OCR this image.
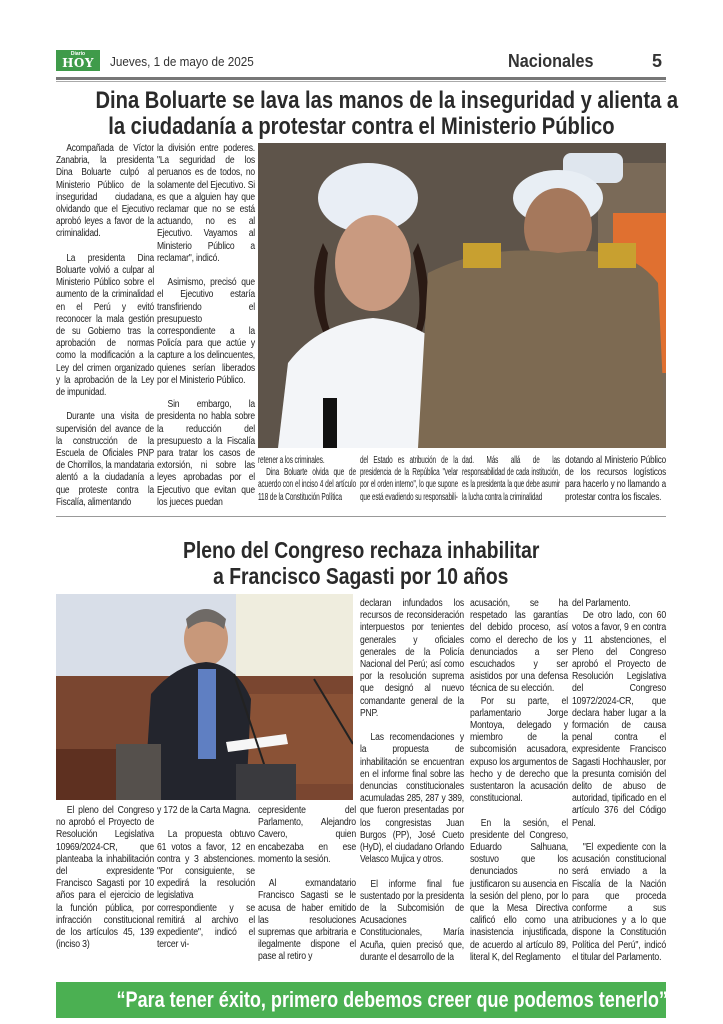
Diario
HOY	Jueves, 1 de mayo de 2025	Nacionales	5
Dina Boluarte se lava las manos de la inseguridad y alienta a
la ciudadanía a protestar contra el Ministerio Público

Acompañada de Víctor Zanabria, la presidenta Dina Boluarte culpó al Ministerio Público de la inseguridad ciudadana, olvidando que el Ejecutivo aprobó leyes a favor de la criminalidad.

La presidenta Dina Boluarte volvió a culpar al Ministerio Público sobre el aumento de la criminalidad en el Perú y evitó reconocer la mala gestión de su Gobierno tras la aprobación de normas como la modificación a la Ley del crimen organizado y la aprobación de la Ley de impunidad.

Durante una visita de supervisión del avance de la construcción de la Escuela de Oficiales PNP de Chorrillos, la mandataria alentó a la ciudadanía a que proteste contra la Fiscalía, alimentando

la división entre poderes. "La seguridad de los peruanos es de todos, no solamente del Ejecutivo. Si es que a alguien hay que reclamar que no se está actuando, no es al Ejecutivo. Vayamos al Ministerio Público a reclamar", indicó.

Asimismo, precisó que el Ejecutivo estaría transfiriendo el presupuesto correspondiente a la Policía para que actúe y capture a los delincuentes, quienes serían liberados por el Ministerio Público.

Sin embargo, la presidenta no habla sobre la reducción del presupuesto a la Fiscalía para tratar los casos de extorsión, ni sobre las leyes aprobadas por el Ejecutivo que evitan que los jueces puedan

retener a los criminales.

Dina Boluarte olvida que de acuerdo con el inciso 4 del artículo 118 de la Constitución Política

del Estado es atribución de la presidencia de la República "velar por el orden interno", lo que supone que está evadiendo su responsabili-

dad. Más allá de las responsabilidad de cada institución, es la presidenta la que debe asumir la lucha contra la criminalidad

dotando al Ministerio Público de los recursos logísticos para hacerlo y no llamando a protestar contra los fiscales.

Pleno del Congreso rechaza inhabilitar
a Francisco Sagasti por 10 años

El pleno del Congreso no aprobó el Proyecto de Resolución Legislativa 10969/2024-CR, que planteaba la inhabilitación del expresidente Francisco Sagasti por 10 años para el ejercicio de la función pública, por infracción constitucional de los artículos 45, 139 (inciso 3)

y 172 de la Carta Magna.

La propuesta obtuvo 61 votos a favor, 12 en contra y 3 abstenciones. "Por consiguiente, se expedirá la resolución legislativa correspondiente y se remitirá al archivo el expediente", indicó el tercer vi-

cepresidente del Parlamento, Alejandro Cavero, quien encabezaba en ese momento la sesión.

Al exmandatario Francisco Sagasti se le acusa de haber emitido las resoluciones supremas que arbitraria e ilegalmente dispone el pase al retiro y

declaran infundados los recursos de reconsideración interpuestos por tenientes generales y oficiales generales de la Policía Nacional del Perú; así como por la resolución suprema que designó al nuevo comandante general de la PNP.

Las recomendaciones y la propuesta de inhabilitación se encuentran en el informe final sobre las denuncias constitucionales acumuladas 285, 287 y 389, que fueron presentadas por los congresistas Juan Burgos (PP), José Cueto (HyD), el ciudadano Orlando Velasco Mujica y otros.

El informe final fue sustentado por la presidenta de la Subcomisión de Acusaciones Constitucionales, María Acuña, quien precisó que, durante el desarrollo de la

acusación, se ha respetado las garantías del debido proceso, así como el derecho de los denunciados a ser escuchados y ser asistidos por una defensa técnica de su elección.

Por su parte, el parlamentario Jorge Montoya, delegado y miembro de la subcomisión acusadora, expuso los argumentos de hecho y de derecho que sustentaron la acusación constitucional.

En la sesión, el presidente del Congreso, Eduardo Salhuana, sostuvo que los denunciados no justificaron su ausencia en la sesión del pleno, por lo que la Mesa Directiva calificó ello como una inasistencia injustificada, de acuerdo al artículo 89, literal K, del Reglamento

del Parlamento.

De otro lado, con 60 votos a favor, 9 en contra y 11 abstenciones, el Pleno del Congreso aprobó el Proyecto de Resolución Legislativa del Congreso 10972/2024-CR, que declara haber lugar a la formación de causa penal contra el expresidente Francisco Sagasti Hochhausler, por la presunta comisión del delito de abuso de autoridad, tipificado en el artículo 376 del Código Penal.

"El expediente con la acusación constitucional será enviado a la Fiscalía de la Nación para que proceda conforme a sus atribuciones y a lo que dispone la Constitución Política del Perú", indicó el titular del Parlamento.

“Para tener éxito, primero debemos creer que podemos tenerlo”
